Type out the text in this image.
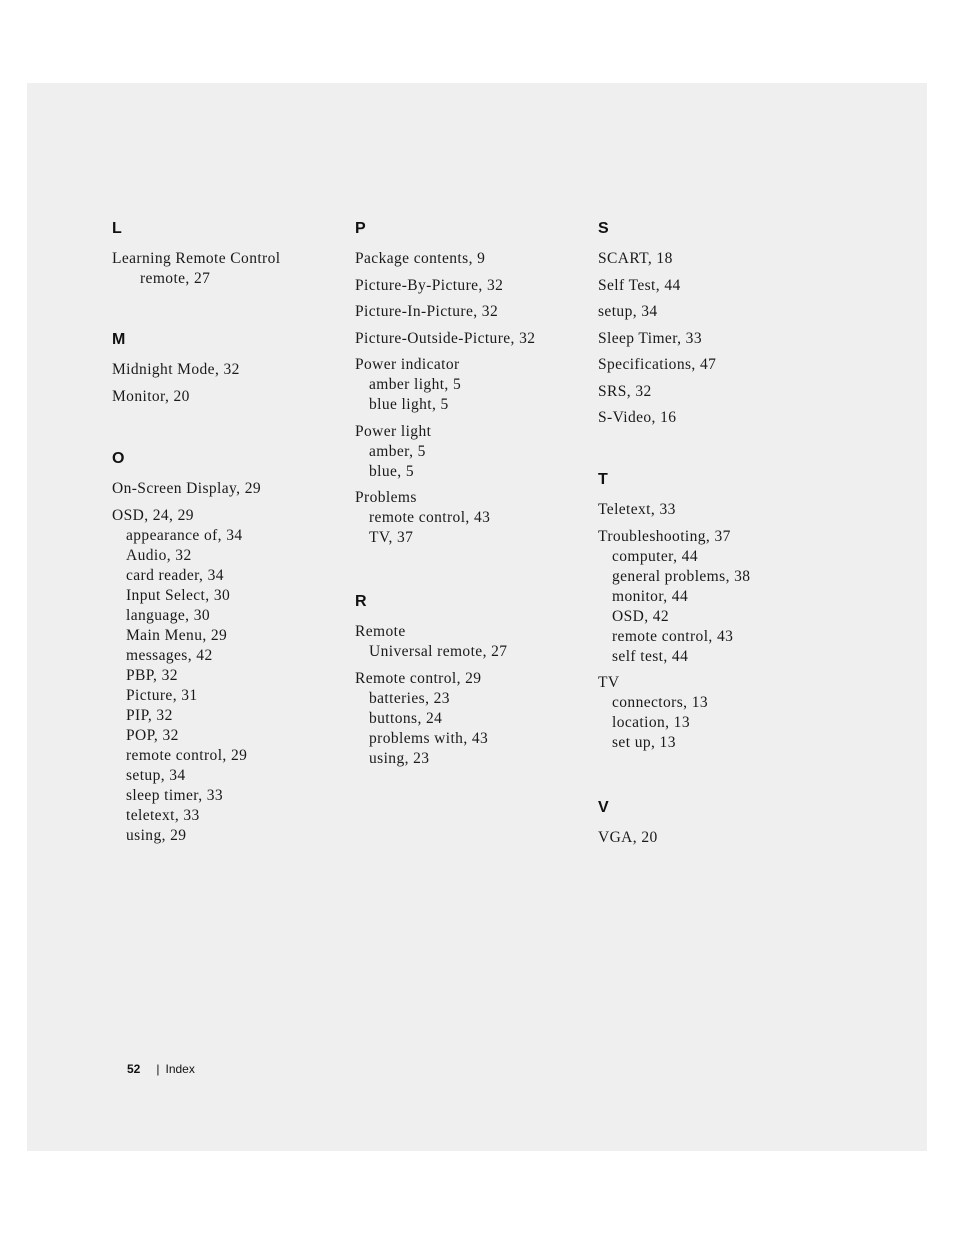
L
Learning Remote Control
remote, 27
M
Midnight Mode, 32
Monitor, 20
O
On-Screen Display, 29
OSD, 24, 29
appearance of, 34
Audio, 32
card reader, 34
Input Select, 30
language, 30
Main Menu, 29
messages, 42
PBP, 32
Picture, 31
PIP, 32
POP, 32
remote control, 29
setup, 34
sleep timer, 33
teletext, 33
using, 29
P
Package contents, 9
Picture-By-Picture, 32
Picture-In-Picture, 32
Picture-Outside-Picture, 32
Power indicator
amber light, 5
blue light, 5
Power light
amber, 5
blue, 5
Problems
remote control, 43
TV, 37
R
Remote
Universal remote, 27
Remote control, 29
batteries, 23
buttons, 24
problems with, 43
using, 23
S
SCART, 18
Self Test, 44
setup, 34
Sleep Timer, 33
Specifications, 47
SRS, 32
S-Video, 16
T
Teletext, 33
Troubleshooting, 37
computer, 44
general problems, 38
monitor, 44
OSD, 42
remote control, 43
self test, 44
TV
connectors, 13
location, 13
set up, 13
V
VGA, 20
52 | Index
